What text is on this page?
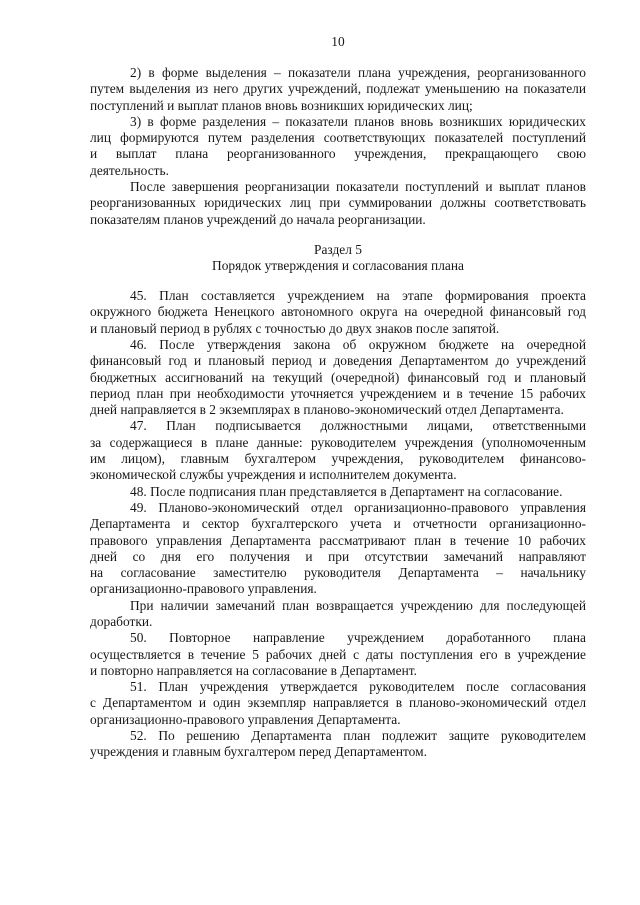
10

2) в форме выделения – показатели плана учреждения, реорганизованного
путем выделения из него других учреждений, подлежат уменьшению на показатели
поступлений и выплат планов вновь возникших юридических лиц;

3) в форме разделения – показатели планов вновь возникших юридических
лиц формируются путем разделения соответствующих показателей поступлений
и выплат плана реорганизованного учреждения, прекращающего свою
деятельность.

После завершения реорганизации показатели поступлений и выплат планов
реорганизованных юридических лиц при суммировании должны соответствовать
показателям планов учреждений до начала реорганизации.

Раздел 5
Порядок утверждения и согласования плана

45. План составляется учреждением на этапе формирования проекта
окружного бюджета Ненецкого автономного округа на очередной финансовый год
и плановый период в рублях с точностью до двух знаков после запятой.

46. После утверждения закона об окружном бюджете на очередной
финансовый год и плановый период и доведения Департаментом до учреждений
бюджетных ассигнований на текущий (очередной) финансовый год и плановый
период план при необходимости уточняется учреждением и в течение 15 рабочих
дней направляется в 2 экземплярах в планово-экономический отдел Департамента.

47. План подписывается должностными лицами, ответственными
за содержащиеся в плане данные: руководителем учреждения (уполномоченным
им лицом), главным бухгалтером учреждения, руководителем финансово-
экономической службы учреждения и исполнителем документа.

48. После подписания план представляется в Департамент на согласование.

49. Планово-экономический отдел организационно-правового управления
Департамента и сектор бухгалтерского учета и отчетности организационно-
правового управления Департамента рассматривают план в течение 10 рабочих
дней со дня его получения и при отсутствии замечаний направляют
на согласование заместителю руководителя Департамента – начальнику
организационно-правового управления.

При наличии замечаний план возвращается учреждению для последующей
доработки.

50. Повторное направление учреждением доработанного плана
осуществляется в течение 5 рабочих дней с даты поступления его в учреждение
и повторно направляется на согласование в Департамент.

51. План учреждения утверждается руководителем после согласования
с Департаментом и один экземпляр направляется в планово-экономический отдел
организационно-правового управления Департамента.

52. По решению Департамента план подлежит защите руководителем
учреждения и главным бухгалтером перед Департаментом.
